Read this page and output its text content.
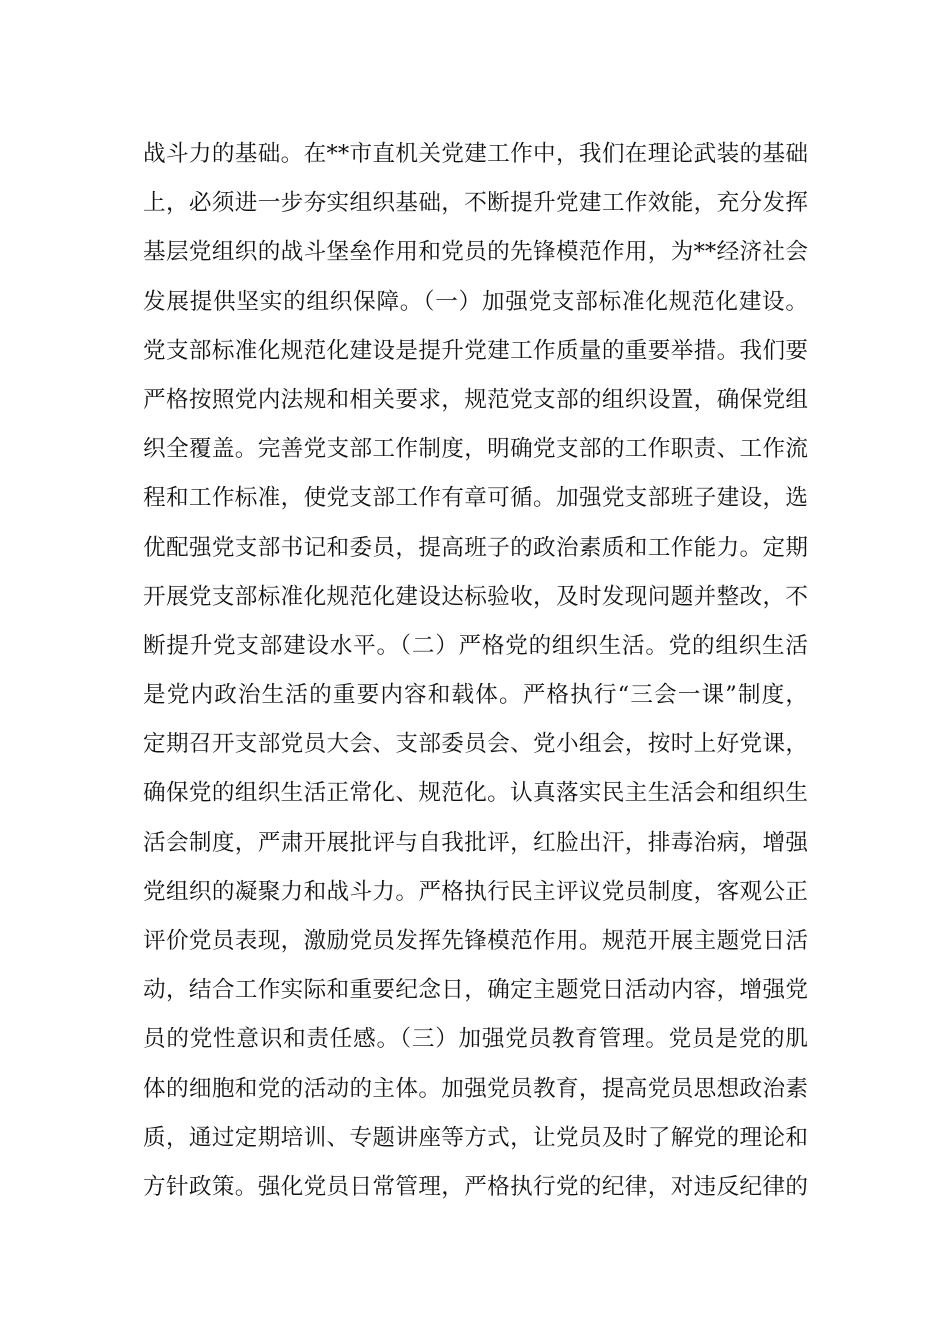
战斗力的基础。在**市直机关党建工作中，我们在理论武装的基础
上，必须进一步夯实组织基础，不断提升党建工作效能，充分发挥
基层党组织的战斗堡垒作用和党员的先锋模范作用，为**经济社会
发展提供坚实的组织保障。（一）加强党支部标准化规范化建设。
党支部标准化规范化建设是提升党建工作质量的重要举措。我们要
严格按照党内法规和相关要求，规范党支部的组织设置，确保党组
织全覆盖。完善党支部工作制度，明确党支部的工作职责、工作流
程和工作标准，使党支部工作有章可循。加强党支部班子建设，选
优配强党支部书记和委员，提高班子的政治素质和工作能力。定期
开展党支部标准化规范化建设达标验收，及时发现问题并整改，不
断提升党支部建设水平。（二）严格党的组织生活。党的组织生活
是党内政治生活的重要内容和载体。严格执行“三会一课”制度，
定期召开支部党员大会、支部委员会、党小组会，按时上好党课，
确保党的组织生活正常化、规范化。认真落实民主生活会和组织生
活会制度，严肃开展批评与自我批评，红脸出汗，排毒治病，增强
党组织的凝聚力和战斗力。严格执行民主评议党员制度，客观公正
评价党员表现，激励党员发挥先锋模范作用。规范开展主题党日活
动，结合工作实际和重要纪念日，确定主题党日活动内容，增强党
员的党性意识和责任感。（三）加强党员教育管理。党员是党的肌
体的细胞和党的活动的主体。加强党员教育，提高党员思想政治素
质，通过定期培训、专题讲座等方式，让党员及时了解党的理论和
方针政策。强化党员日常管理，严格执行党的纪律，对违反纪律的
